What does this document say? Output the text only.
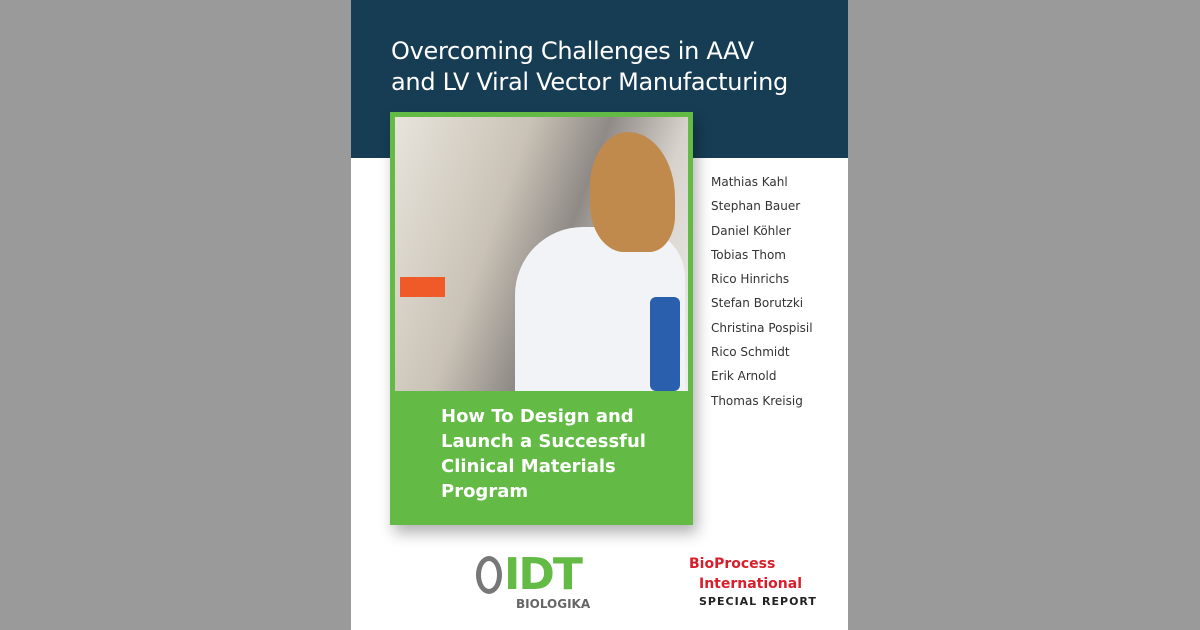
Overcoming Challenges in AAV
and LV Viral Vector Manufacturing
How To Design and
Launch a Successful
Clinical Materials
Program
Mathias Kahl
Stephan Bauer
Daniel Köhler
Tobias Thom
Rico Hinrichs
Stefan Borutzki
Christina Pospisil
Rico Schmidt
Erik Arnold
Thomas Kreisig
IDT
BIOLOGIKA
BioProcess
International
SPECIAL REPORT
